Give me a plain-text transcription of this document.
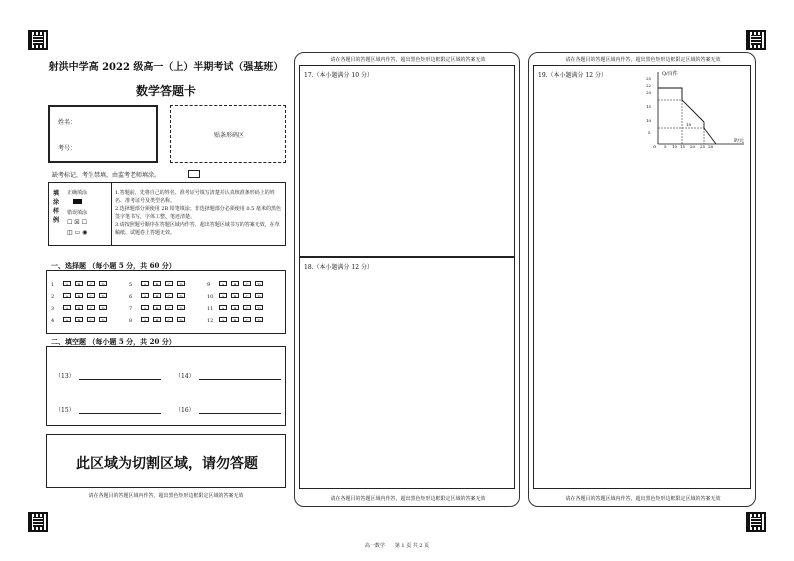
射洪中学高 2022 级高一（上）半期考试（强基班）
数学答题卡
姓名：
考号：
贴条形码区
缺考标记，考生禁填，由监考老师填涂。
填涂样例
正确填涂
错误填涂
☐ ☒ ☐
◫ ▭ ◉
1.答题前，先将自己的姓名、准考证号填写清楚并认真核准条形码上的姓名、准考证号及类型名称。
2.选择题部分须使用 2B 铅笔填涂；非选择题部分必须使用 0.5 毫米的黑色签字笔书写，字体工整、笔迹清楚。
3.请按照题号顺序在答题区域内作答，超出答题区域书写的答案无效，在草稿纸、试题卷上答题无效。
一、选择题 （每小题 5 分，共 60 分）
1	A B C D
2	A B C D
3	A B C D
4	A B C D
5	A B C D
6	A B C D
7	A B C D
8	A B C D
9	A B C D
10 A B C D
11 A B C D
12 A B C D
二、填空题 （每小题 5 分，共 20 分）
（13）	（14）
（15）	（16）
此区域为切割区域，请勿答题
请在各题目的答题区域内作答，超出黑色矩形边框限定区域的答案无效
请在各题目的答题区域内作答，超出黑色矩形边框限定区域的答案无效
17.（本小题满分 10 分）
18.（本小题满分 12 分）
请在各题目的答题区域内作答，超出黑色矩形边框限定区域的答案无效
请在各题目的答题区域内作答，超出黑色矩形边框限定区域的答案无效
19.（本小题满分 12 分）	Q/百件
P/元
25
22
20
15
10
5
O 5 10 15 20 25 28
18
请在各题目的答题区域内作答，超出黑色矩形边框限定区域的答案无效
高一数学　　第 1 页 共 2 页
